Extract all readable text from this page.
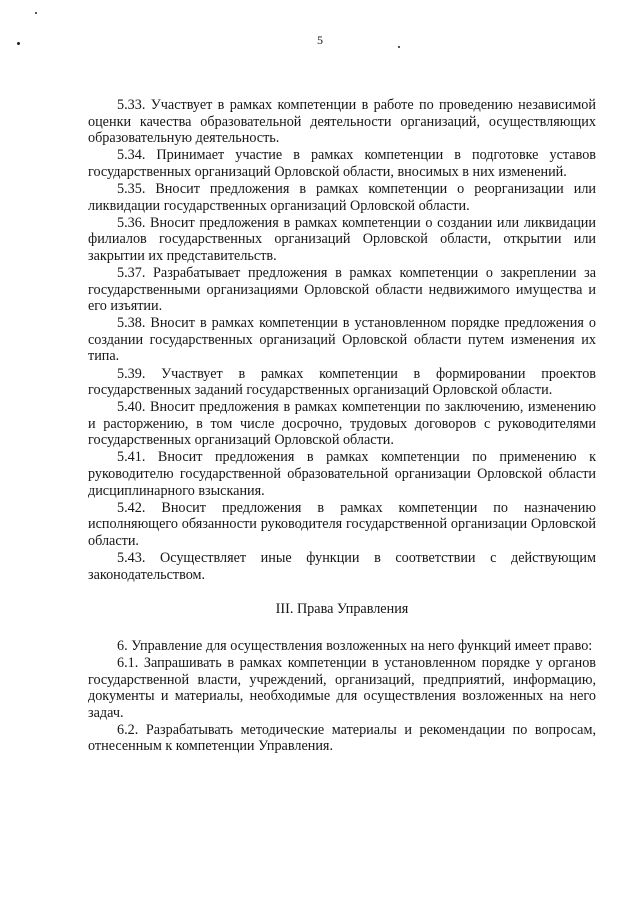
5

5.33. Участвует в рамках компетенции в работе по проведению независимой оценки качества образовательной деятельности организаций, осуществляющих образовательную деятельность.

5.34. Принимает участие в рамках компетенции в подготовке уставов государственных организаций Орловской области, вносимых в них изменений.

5.35. Вносит предложения в рамках компетенции о реорганизации или ликвидации государственных организаций Орловской области.

5.36. Вносит предложения в рамках компетенции о создании или ликвидации филиалов государственных организаций Орловской области, открытии или закрытии их представительств.

5.37. Разрабатывает предложения в рамках компетенции о закреплении за государственными организациями Орловской области недвижимого имущества и его изъятии.

5.38. Вносит в рамках компетенции в установленном порядке предложения о создании государственных организаций Орловской области путем изменения их типа.

5.39. Участвует в рамках компетенции в формировании проектов государственных заданий государственных организаций Орловской области.

5.40. Вносит предложения в рамках компетенции по заключению, изменению и расторжению, в том числе досрочно, трудовых договоров с руководителями государственных организаций Орловской области.

5.41. Вносит предложения в рамках компетенции по применению к руководителю государственной образовательной организации Орловской области дисциплинарного взыскания.

5.42. Вносит предложения в рамках компетенции по назначению исполняющего обязанности руководителя государственной организации Орловской области.

5.43. Осуществляет иные функции в соответствии с действующим законодательством.

III. Права Управления

6. Управление для осуществления возложенных на него функций имеет право:

6.1. Запрашивать в рамках компетенции в установленном порядке у органов государственной власти, учреждений, организаций, предприятий, информацию, документы и материалы, необходимые для осуществления возложенных на него задач.

6.2. Разрабатывать методические материалы и рекомендации по вопросам, отнесенным к компетенции Управления.
